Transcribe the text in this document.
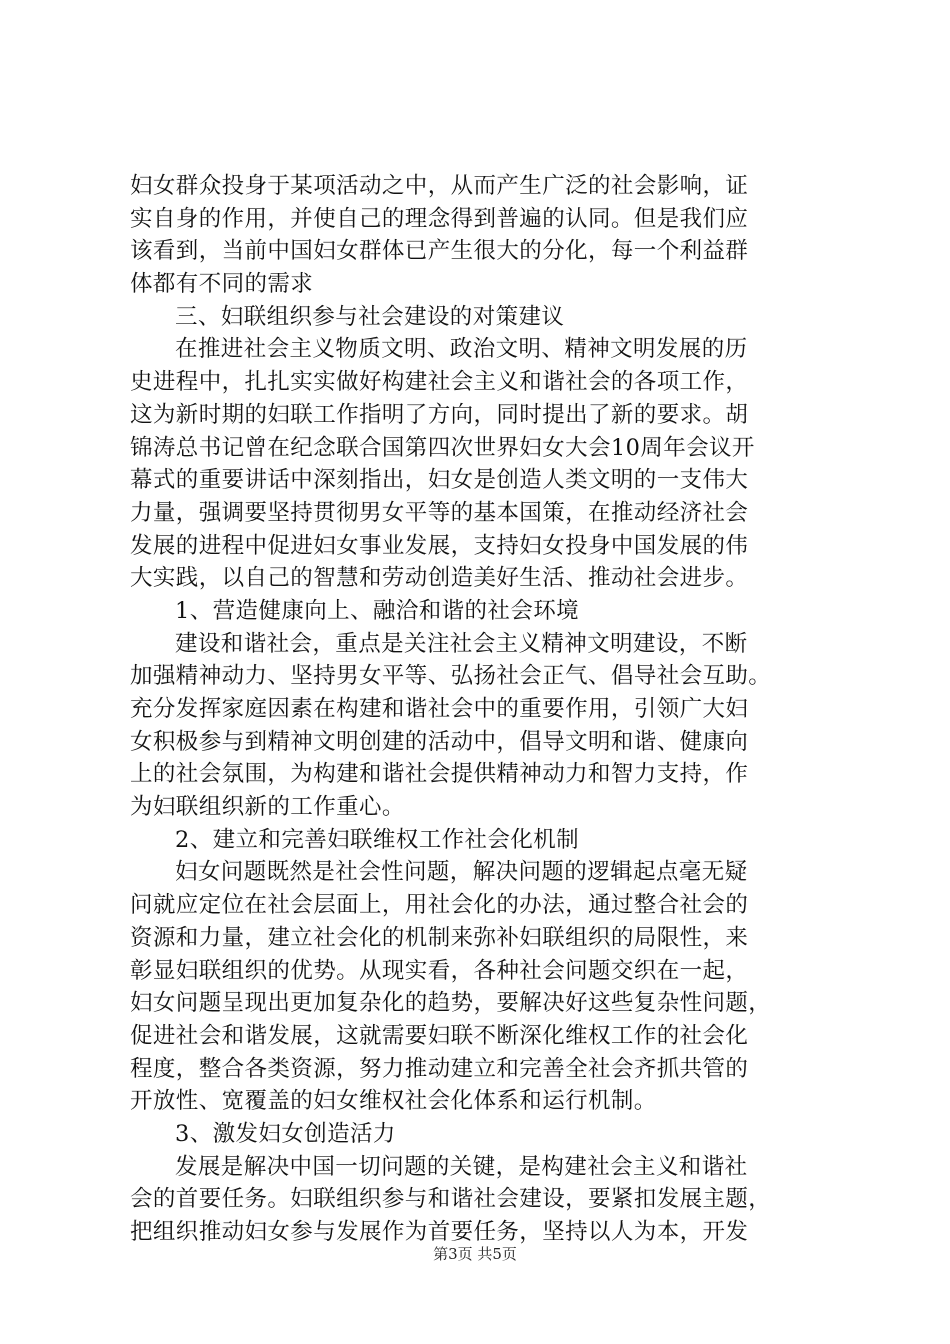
妇女群众投身于某项活动之中，从而产生广泛的社会影响，证
实自身的作用，并使自己的理念得到普遍的认同。但是我们应
该看到，当前中国妇女群体已产生很大的分化，每一个利益群
体都有不同的需求
三、妇联组织参与社会建设的对策建议
在推进社会主义物质文明、政治文明、精神文明发展的历
史进程中，扎扎实实做好构建社会主义和谐社会的各项工作，
这为新时期的妇联工作指明了方向，同时提出了新的要求。胡
锦涛总书记曾在纪念联合国第四次世界妇女大会10周年会议开
幕式的重要讲话中深刻指出，妇女是创造人类文明的一支伟大
力量，强调要坚持贯彻男女平等的基本国策，在推动经济社会
发展的进程中促进妇女事业发展，支持妇女投身中国发展的伟
大实践，以自己的智慧和劳动创造美好生活、推动社会进步。
1、营造健康向上、融洽和谐的社会环境
建设和谐社会，重点是关注社会主义精神文明建设，不断
加强精神动力、坚持男女平等、弘扬社会正气、倡导社会互助。
充分发挥家庭因素在构建和谐社会中的重要作用，引领广大妇
女积极参与到精神文明创建的活动中，倡导文明和谐、健康向
上的社会氛围，为构建和谐社会提供精神动力和智力支持，作
为妇联组织新的工作重心。
2、建立和完善妇联维权工作社会化机制
妇女问题既然是社会性问题，解决问题的逻辑起点毫无疑
问就应定位在社会层面上，用社会化的办法，通过整合社会的
资源和力量，建立社会化的机制来弥补妇联组织的局限性，来
彰显妇联组织的优势。从现实看，各种社会问题交织在一起，
妇女问题呈现出更加复杂化的趋势，要解决好这些复杂性问题，
促进社会和谐发展，这就需要妇联不断深化维权工作的社会化
程度，整合各类资源，努力推动建立和完善全社会齐抓共管的
开放性、宽覆盖的妇女维权社会化体系和运行机制。
3、激发妇女创造活力
发展是解决中国一切问题的关键，是构建社会主义和谐社
会的首要任务。妇联组织参与和谐社会建设，要紧扣发展主题，
把组织推动妇女参与发展作为首要任务，坚持以人为本，开发
第3页 共5页
